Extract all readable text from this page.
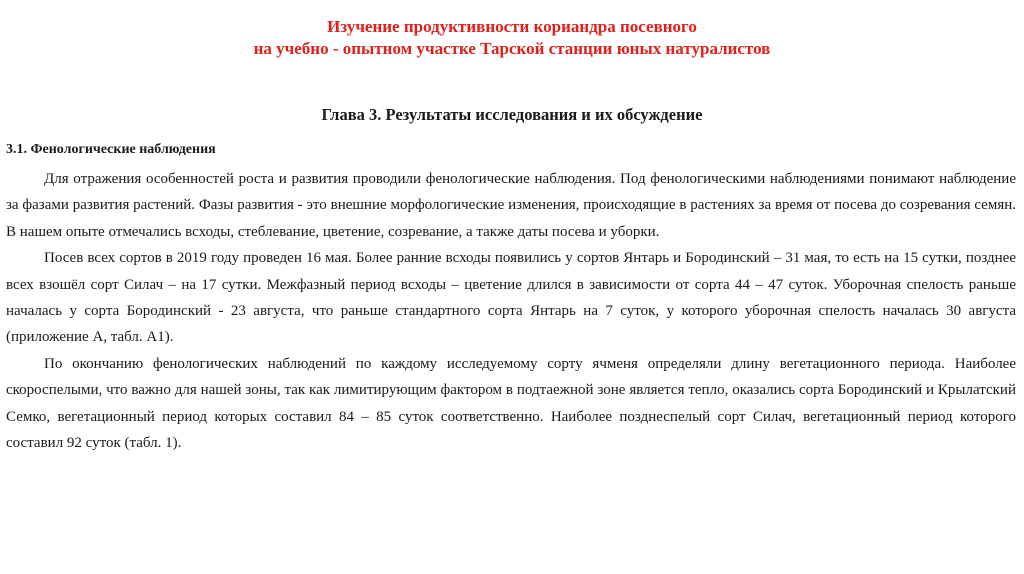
Изучение продуктивности кориандра посевного
на учебно - опытном участке Тарской станции юных натуралистов
Глава 3. Результаты исследования и их обсуждение
3.1. Фенологические наблюдения

Для отражения особенностей роста и развития проводили фенологические наблюдения. Под фенологическими наблюдениями понимают наблюдение за фазами развития растений. Фазы развития - это внешние морфологические изменения, происходящие в растениях за время от посева до созревания семян. В нашем опыте отмечались всходы, стеблевание, цветение, созревание, а также даты посева и уборки.

Посев всех сортов в 2019 году проведен 16 мая. Более ранние всходы появились у сортов Янтарь и Бородинский – 31 мая, то есть на 15 сутки, позднее всех взошёл сорт Силач – на 17 сутки. Межфазный период всходы – цветение длился в зависимости от сорта 44 – 47 суток. Уборочная спелость раньше началась у сорта Бородинский - 23 августа, что раньше стандартного сорта Янтарь на 7 суток, у которого уборочная спелость началась 30 августа (приложение А, табл. А1).

По окончанию фенологических наблюдений по каждому исследуемому сорту ячменя определяли длину вегетационного периода. Наиболее скороспелыми, что важно для нашей зоны, так как лимитирующим фактором в подтаежной зоне является тепло, оказались сорта Бородинский и Крылатский Семко, вегетационный период которых составил 84 – 85 суток соответственно. Наиболее позднеспелый сорт Силач, вегетационный период которого составил 92 суток (табл. 1).
